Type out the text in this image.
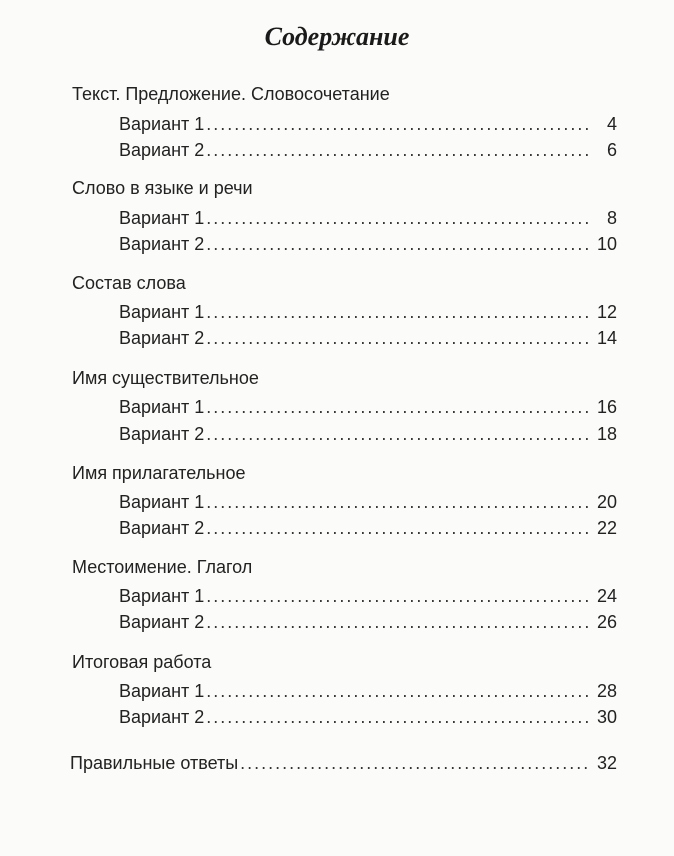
Содержание
Текст. Предложение. Словосочетание
Вариант 1 .....	4
Вариант 2 .....	6
Слово в языке и речи
Вариант 1 .....	8
Вариант 2 .....	10
Состав слова
Вариант 1 .....	12
Вариант 2 .....	14
Имя существительное
Вариант 1 .....	16
Вариант 2 .....	18
Имя прилагательное
Вариант 1 .....	20
Вариант 2 .....	22
Местоимение. Глагол
Вариант 1 .....	24
Вариант 2 .....	26
Итоговая работа
Вариант 1 .....	28
Вариант 2 .....	30
Правильные ответы .....	32
